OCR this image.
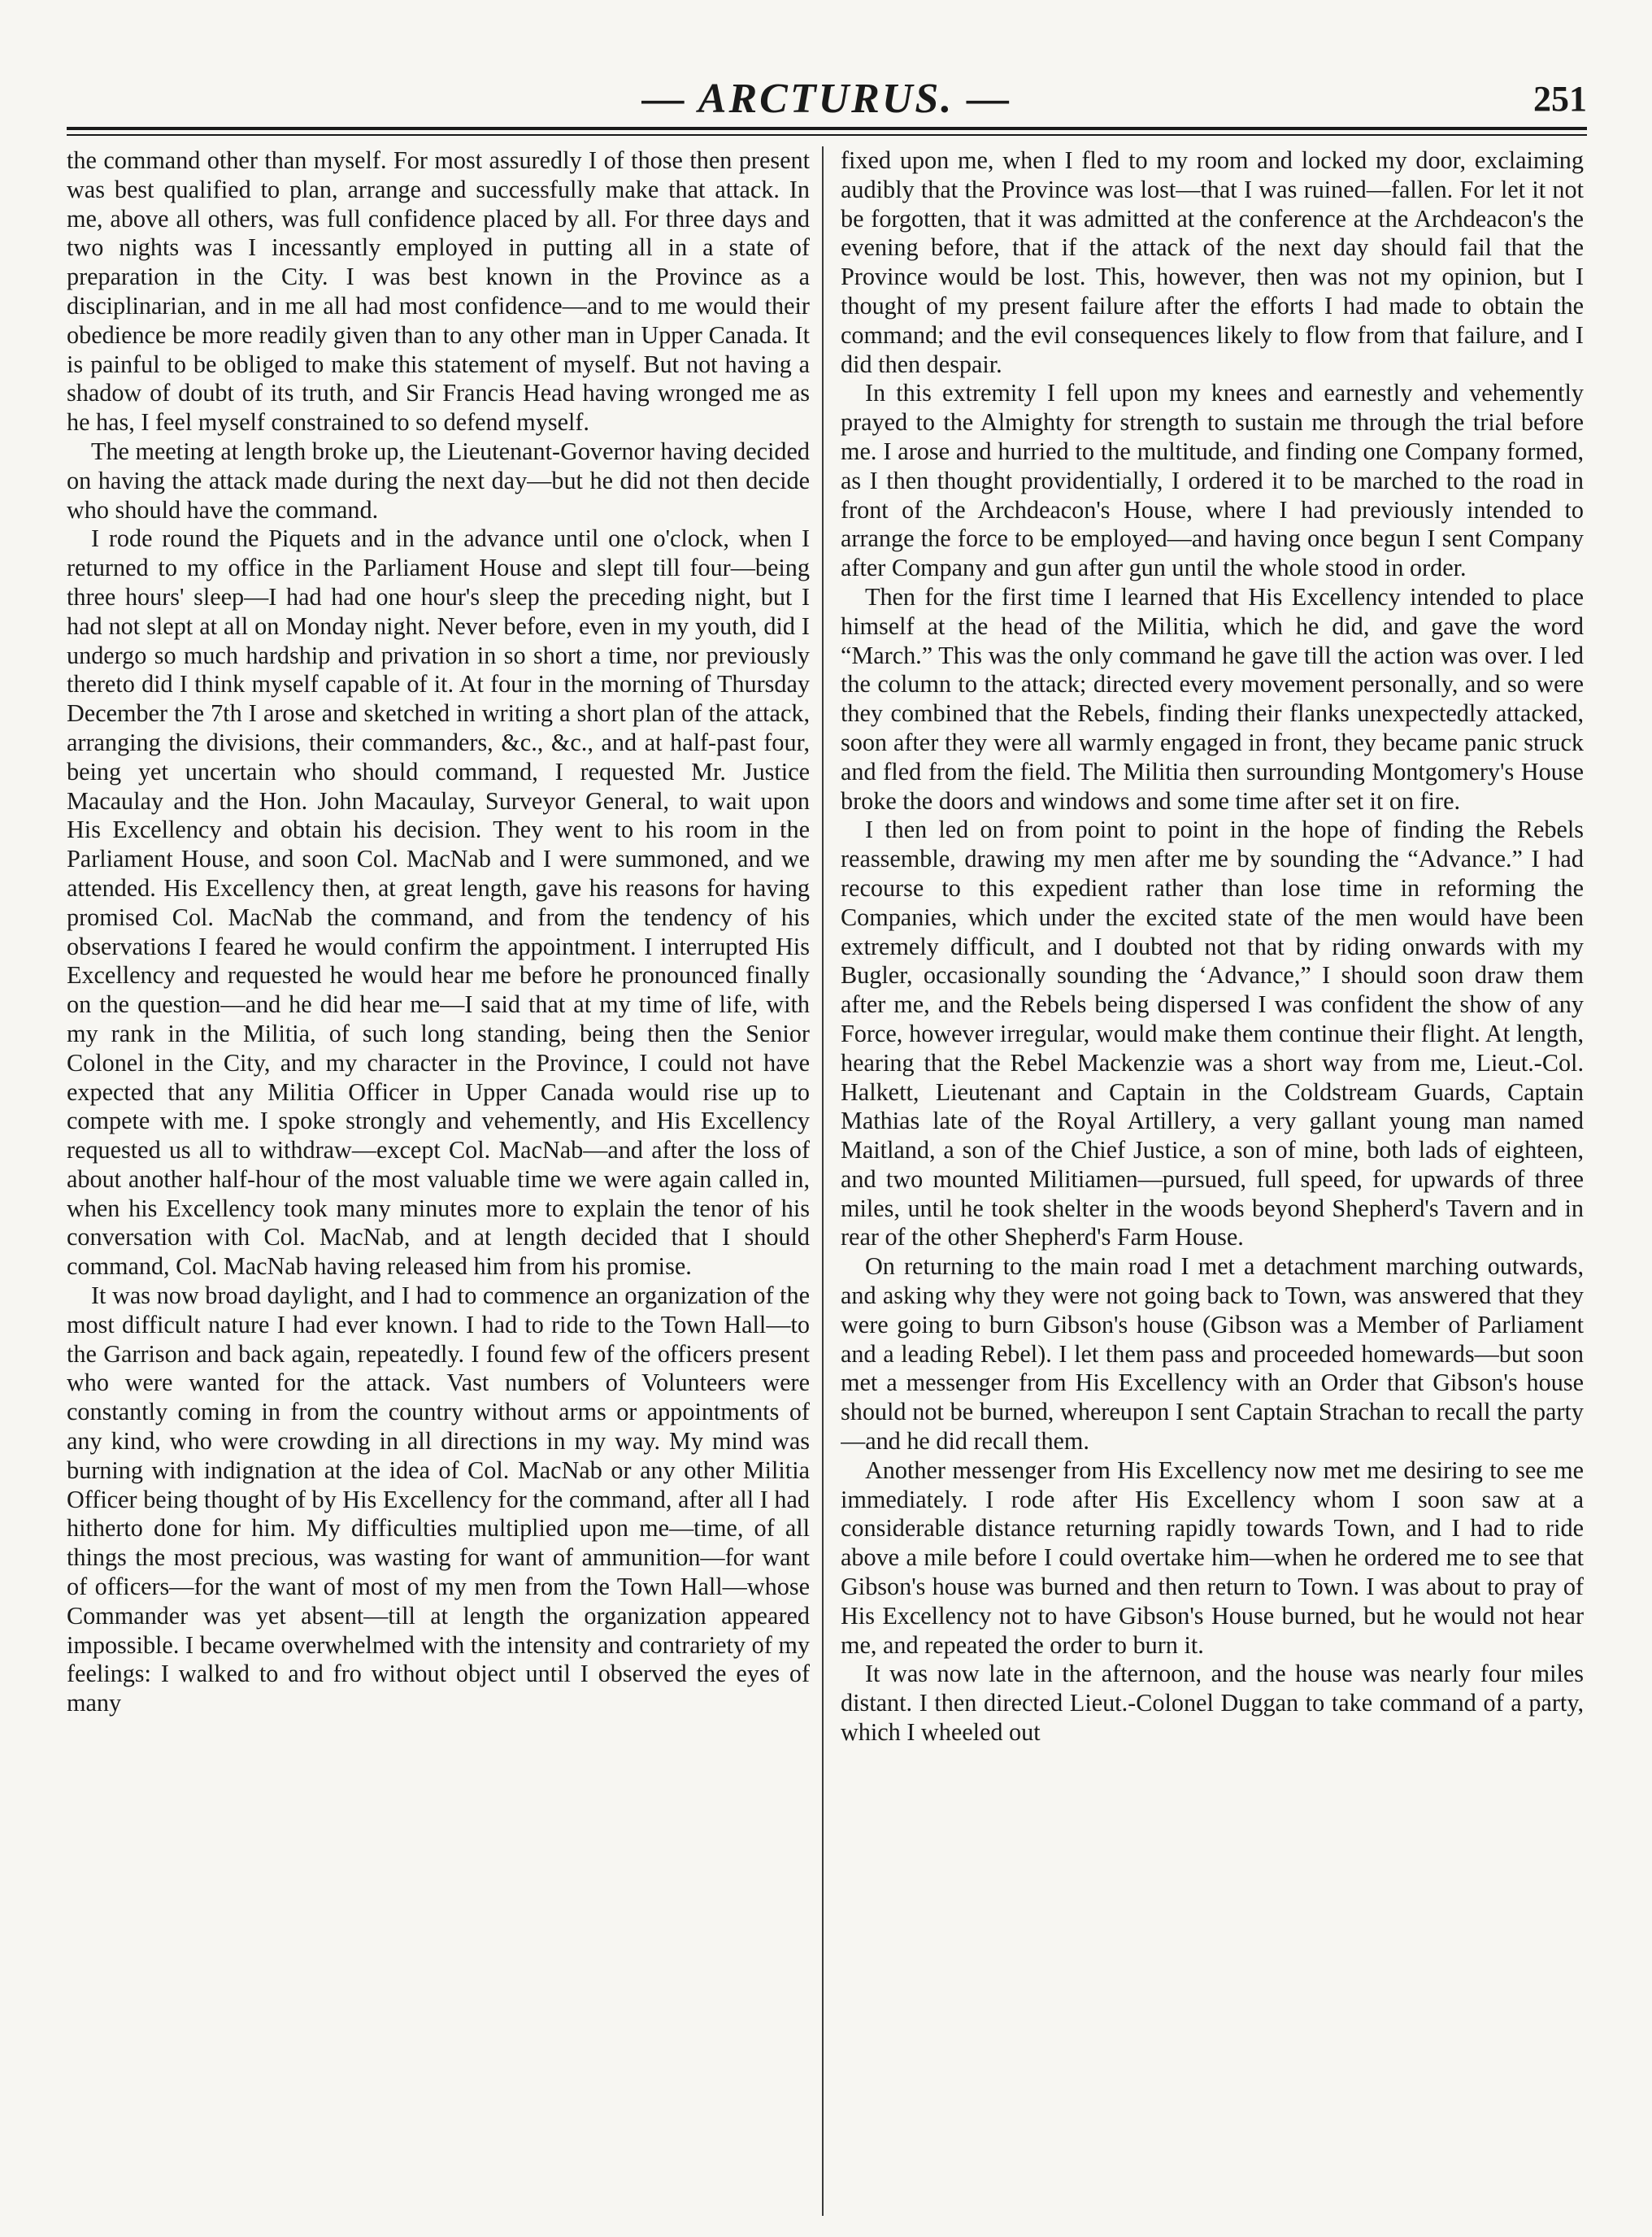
— ARCTURUS. —	251

the command other than myself. For most assuredly I of those then present was best qualified to plan, arrange and successfully make that attack. In me, above all others, was full confidence placed by all. For three days and two nights was I incessantly employed in putting all in a state of preparation in the City. I was best known in the Province as a disciplinarian, and in me all had most confidence—and to me would their obedience be more readily given than to any other man in Upper Canada. It is painful to be obliged to make this statement of myself. But not having a shadow of doubt of its truth, and Sir Francis Head having wronged me as he has, I feel myself constrained to so defend myself.

The meeting at length broke up, the Lieutenant-Governor having decided on having the attack made during the next day—but he did not then decide who should have the command.

I rode round the Piquets and in the advance until one o'clock, when I returned to my office in the Parliament House and slept till four—being three hours' sleep—I had had one hour's sleep the preceding night, but I had not slept at all on Monday night. Never before, even in my youth, did I undergo so much hardship and privation in so short a time, nor previously thereto did I think myself capable of it. At four in the morning of Thursday December the 7th I arose and sketched in writing a short plan of the attack, arranging the divisions, their commanders, &c., &c., and at half-past four, being yet uncertain who should command, I requested Mr. Justice Macaulay and the Hon. John Macaulay, Surveyor General, to wait upon His Excellency and obtain his decision. They went to his room in the Parliament House, and soon Col. MacNab and I were summoned, and we attended. His Excellency then, at great length, gave his reasons for having promised Col. MacNab the command, and from the tendency of his observations I feared he would confirm the appointment. I interrupted His Excellency and requested he would hear me before he pronounced finally on the question—and he did hear me—I said that at my time of life, with my rank in the Militia, of such long standing, being then the Senior Colonel in the City, and my character in the Province, I could not have expected that any Militia Officer in Upper Canada would rise up to compete with me. I spoke strongly and vehemently, and His Excellency requested us all to withdraw—except Col. MacNab—and after the loss of about another half-hour of the most valuable time we were again called in, when his Excellency took many minutes more to explain the tenor of his conversation with Col. MacNab, and at length decided that I should command, Col. MacNab having released him from his promise.

It was now broad daylight, and I had to commence an organization of the most difficult nature I had ever known. I had to ride to the Town Hall—to the Garrison and back again, repeatedly. I found few of the officers present who were wanted for the attack. Vast numbers of Volunteers were constantly coming in from the country without arms or appointments of any kind, who were crowding in all directions in my way. My mind was burning with indignation at the idea of Col. MacNab or any other Militia Officer being thought of by His Excellency for the command, after all I had hitherto done for him. My difficulties multiplied upon me—time, of all things the most precious, was wasting for want of ammunition—for want of officers—for the want of most of my men from the Town Hall—whose Commander was yet absent—till at length the organization appeared impossible. I became overwhelmed with the intensity and contrariety of my feelings: I walked to and fro without object until I observed the eyes of many

fixed upon me, when I fled to my room and locked my door, exclaiming audibly that the Province was lost—that I was ruined—fallen. For let it not be forgotten, that it was admitted at the conference at the Archdeacon's the evening before, that if the attack of the next day should fail that the Province would be lost. This, however, then was not my opinion, but I thought of my present failure after the efforts I had made to obtain the command; and the evil consequences likely to flow from that failure, and I did then despair.

In this extremity I fell upon my knees and earnestly and vehemently prayed to the Almighty for strength to sustain me through the trial before me. I arose and hurried to the multitude, and finding one Company formed, as I then thought providentially, I ordered it to be marched to the road in front of the Archdeacon's House, where I had previously intended to arrange the force to be employed—and having once begun I sent Company after Company and gun after gun until the whole stood in order.

Then for the first time I learned that His Excellency intended to place himself at the head of the Militia, which he did, and gave the word “March.” This was the only command he gave till the action was over. I led the column to the attack; directed every movement personally, and so were they combined that the Rebels, finding their flanks unexpectedly attacked, soon after they were all warmly engaged in front, they became panic struck and fled from the field. The Militia then surrounding Montgomery's House broke the doors and windows and some time after set it on fire.

I then led on from point to point in the hope of finding the Rebels reassemble, drawing my men after me by sounding the “Advance.” I had recourse to this expedient rather than lose time in reforming the Companies, which under the excited state of the men would have been extremely difficult, and I doubted not that by riding onwards with my Bugler, occasionally sounding the ‘Advance,” I should soon draw them after me, and the Rebels being dispersed I was confident the show of any Force, however irregular, would make them continue their flight. At length, hearing that the Rebel Mackenzie was a short way from me, Lieut.-Col. Halkett, Lieutenant and Captain in the Coldstream Guards, Captain Mathias late of the Royal Artillery, a very gallant young man named Maitland, a son of the Chief Justice, a son of mine, both lads of eighteen, and two mounted Militiamen—pursued, full speed, for upwards of three miles, until he took shelter in the woods beyond Shepherd's Tavern and in rear of the other Shepherd's Farm House.

On returning to the main road I met a detachment marching outwards, and asking why they were not going back to Town, was answered that they were going to burn Gibson's house (Gibson was a Member of Parliament and a leading Rebel). I let them pass and proceeded homewards—but soon met a messenger from His Excellency with an Order that Gibson's house should not be burned, whereupon I sent Captain Strachan to recall the party—and he did recall them.

Another messenger from His Excellency now met me desiring to see me immediately. I rode after His Excellency whom I soon saw at a considerable distance returning rapidly towards Town, and I had to ride above a mile before I could overtake him—when he ordered me to see that Gibson's house was burned and then return to Town. I was about to pray of His Excellency not to have Gibson's House burned, but he would not hear me, and repeated the order to burn it.

It was now late in the afternoon, and the house was nearly four miles distant. I then directed Lieut.-Colonel Duggan to take command of a party, which I wheeled out
